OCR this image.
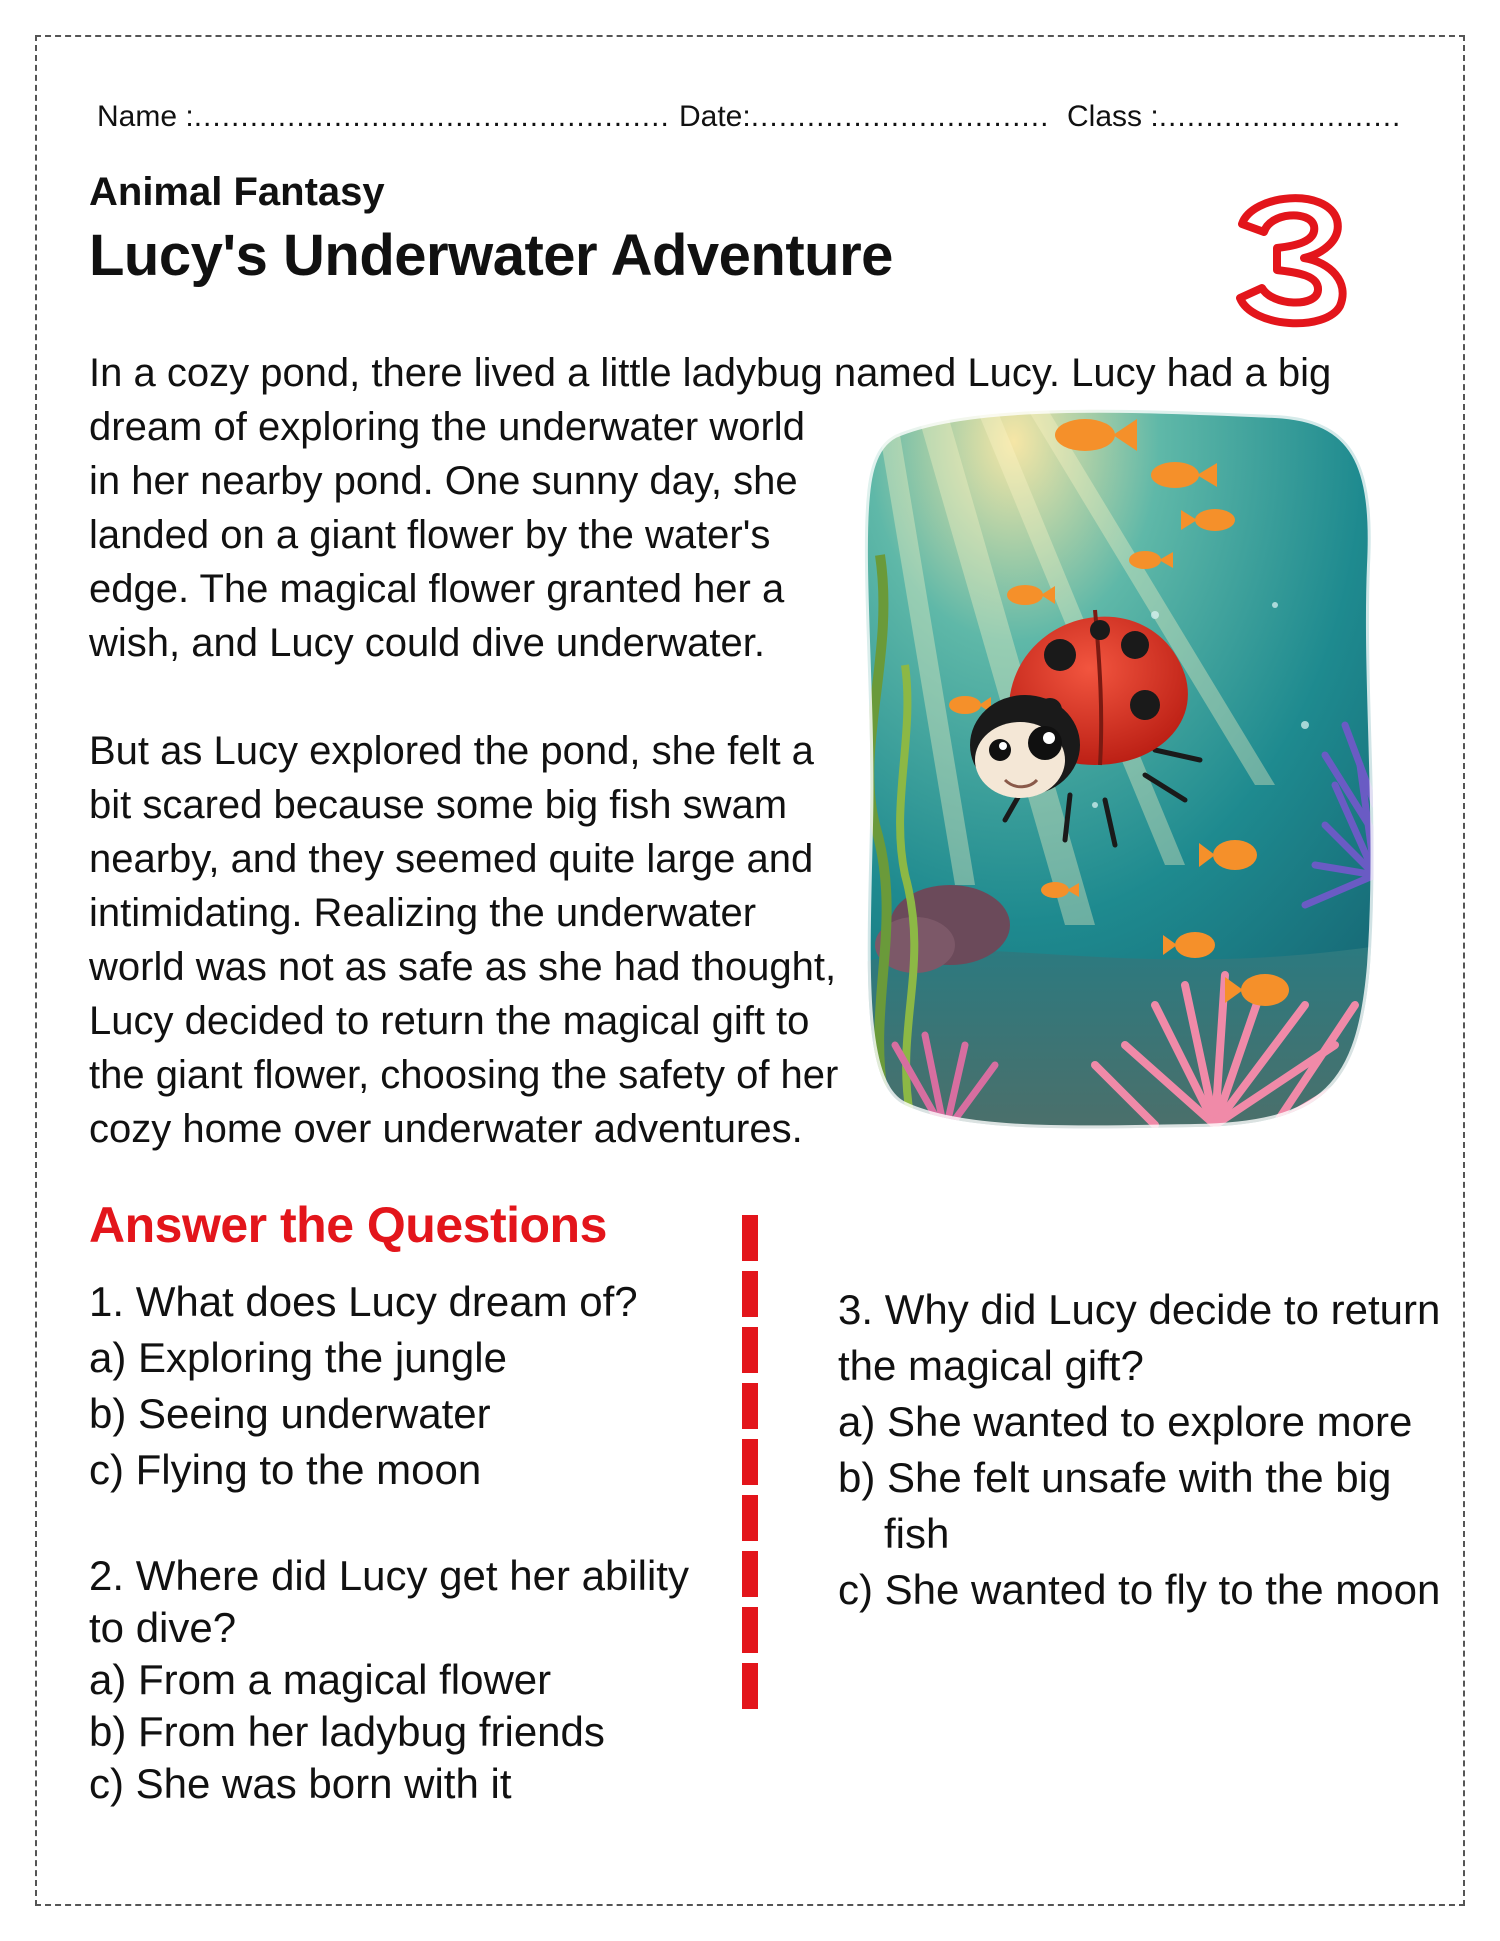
Name :................................................... Date:................................ Class :..........................
Animal Fantasy
Lucy's Underwater Adventure
In a cozy pond, there lived a little ladybug named Lucy. Lucy had a big
dream of exploring the underwater world
in her nearby pond. One sunny day, she
landed on a giant flower by the water's
edge. The magical flower granted her a
wish, and Lucy could dive underwater.
But as Lucy explored the pond, she felt a
bit scared because some big fish swam
nearby, and they seemed quite large and
intimidating. Realizing the underwater
world was not as safe as she had thought,
Lucy decided to return the magical gift to
the giant flower, choosing the safety of her
cozy home over underwater adventures.
Answer the Questions
1. What does Lucy dream of?
a) Exploring the jungle
b) Seeing underwater
c) Flying to the moon
2. Where did Lucy get her ability
to dive?
a) From a magical flower
b) From her ladybug friends
c) She was born with it
3. Why did Lucy decide to return
the magical gift?
a) She wanted to explore more
b) She felt unsafe with the big
fish
c) She wanted to fly to the moon
